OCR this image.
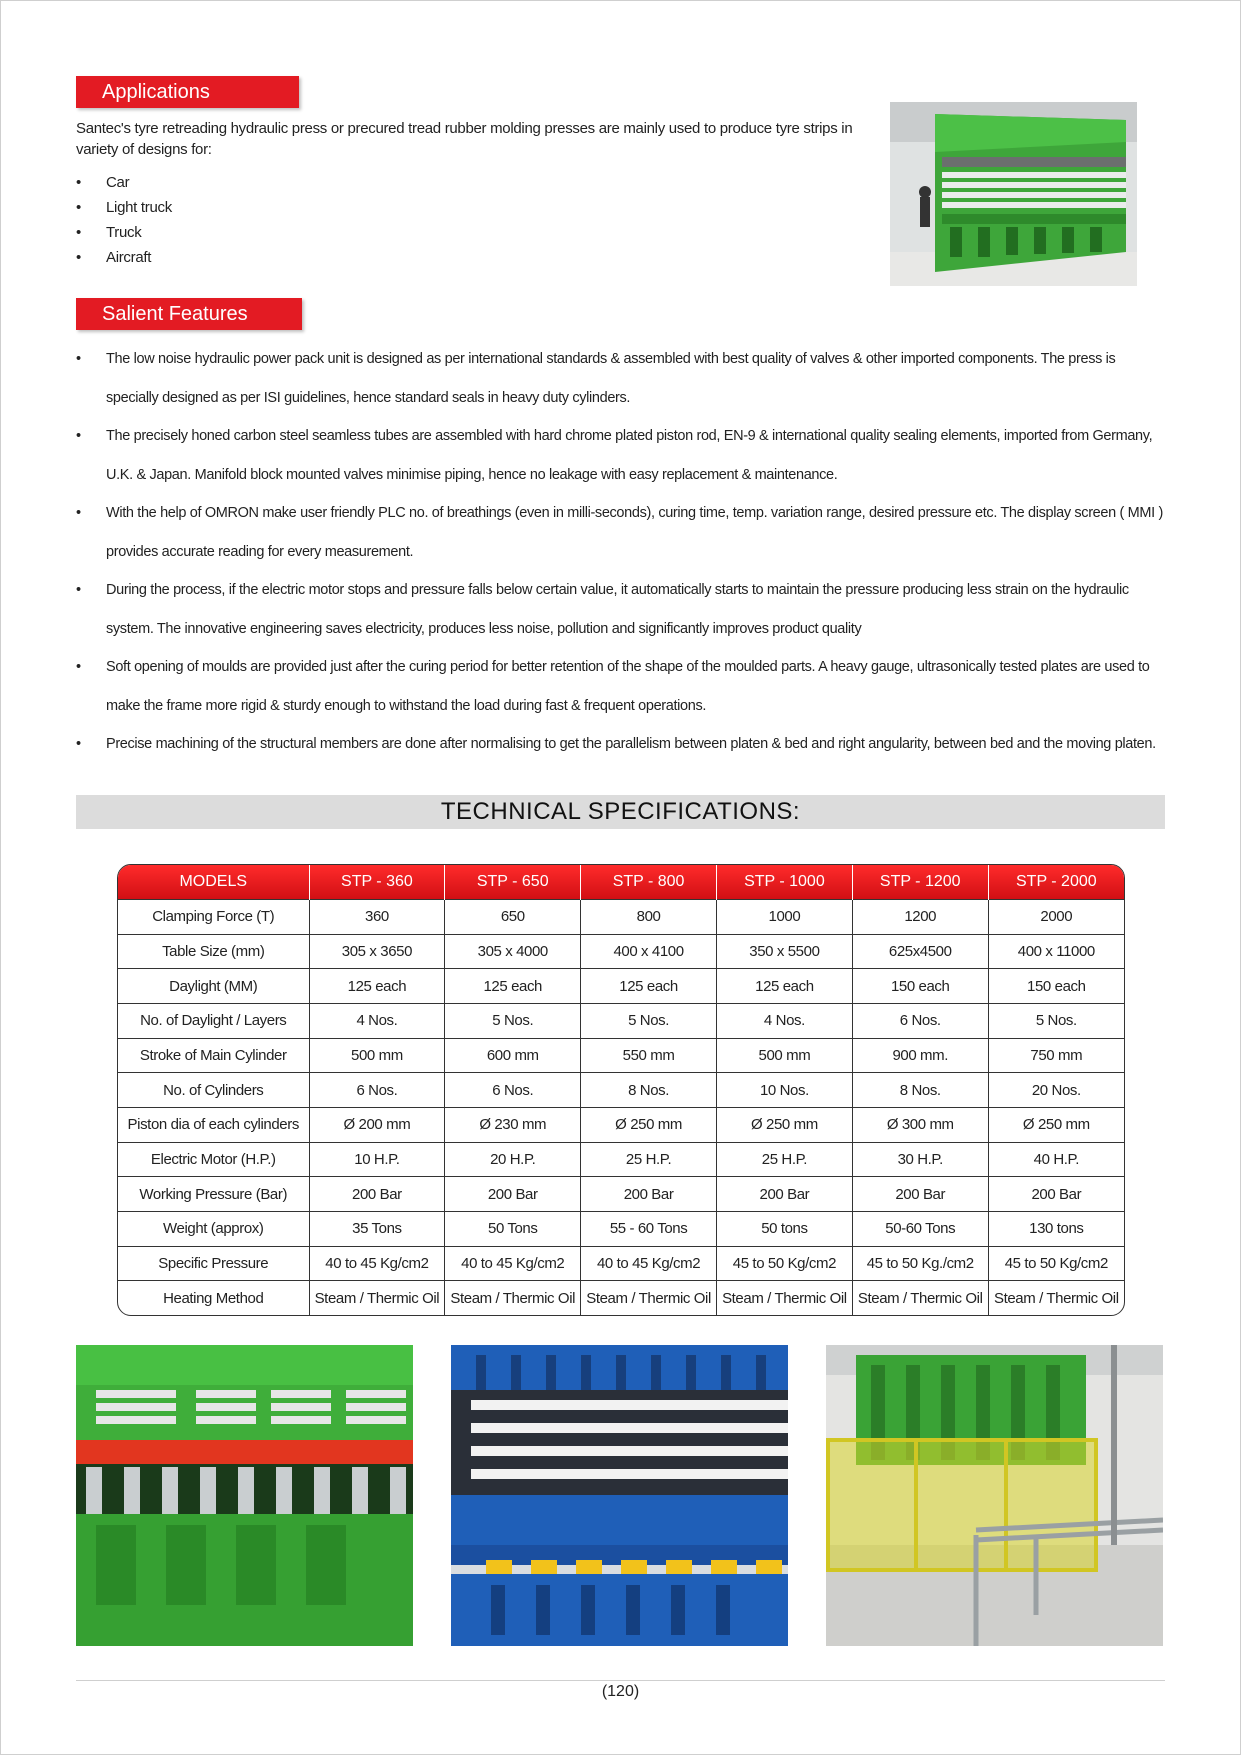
Applications
Santec's tyre retreading hydraulic press or precured tread rubber molding presses are mainly used to produce tyre strips in variety of designs for:
• Car
• Light truck
• Truck
• Aircraft
Salient Features
• The low noise hydraulic power pack unit is designed as per international standards & assembled with best quality of valves & other imported components. The press is specially designed as per ISI guidelines, hence standard seals in heavy duty cylinders.
• The precisely honed carbon steel seamless tubes are assembled with hard chrome plated piston rod, EN-9 & international quality sealing elements, imported from Germany, U.K. & Japan. Manifold block mounted valves minimise piping, hence no leakage with easy replacement & maintenance.
• With the help of OMRON make user friendly PLC no. of breathings (even in milli-seconds), curing time, temp. variation range, desired pressure etc. The display screen ( MMI ) provides accurate reading for every measurement.
• During the process, if the electric motor stops and pressure falls below certain value, it automatically starts to maintain the pressure producing less strain on the hydraulic system. The innovative engineering saves electricity, produces less noise, pollution and significantly improves product quality
• Soft opening of moulds are provided just after the curing period for better retention of the shape of the moulded parts. A heavy gauge, ultrasonically tested plates are used to make the frame more rigid & sturdy enough to withstand the load during fast & frequent operations.
• Precise machining of the structural members are done after normalising to get the parallelism between platen & bed and right angularity, between bed and the moving platen.
TECHNICAL SPECIFICATIONS:
MODELS	STP - 360	STP - 650	STP - 800	STP - 1000	STP - 1200	STP - 2000
Clamping Force (T)	360	650	800	1000	1200	2000
Table Size (mm)	305 x 3650	305 x 4000	400 x 4100	350 x 5500	625x4500	400 x 11000
Daylight (MM)	125 each	125 each	125 each	125 each	150 each	150 each
No. of Daylight / Layers	4 Nos.	5 Nos.	5 Nos.	4 Nos.	6 Nos.	5 Nos.
Stroke of Main Cylinder	500 mm	600 mm	550 mm	500 mm	900 mm.	750 mm
No. of Cylinders	6 Nos.	6 Nos.	8 Nos.	10 Nos.	8 Nos.	20 Nos.
Piston dia of each cylinders	Ø 200 mm	Ø 230 mm	Ø 250 mm	Ø 250 mm	Ø 300 mm	Ø 250 mm
Electric Motor (H.P.)	10 H.P.	20 H.P.	25 H.P.	25 H.P.	30 H.P.	40 H.P.
Working Pressure (Bar)	200 Bar	200 Bar	200 Bar	200 Bar	200 Bar	200 Bar
Weight (approx)	35 Tons	50 Tons	55 - 60 Tons	50 tons	50-60 Tons	130 tons
Specific Pressure	40 to 45 Kg/cm2	40 to 45 Kg/cm2	40 to 45 Kg/cm2	45 to 50 Kg/cm2	45 to 50 Kg./cm2	45 to 50 Kg/cm2
Heating Method	Steam / Thermic Oil	Steam / Thermic Oil	Steam / Thermic Oil	Steam / Thermic Oil	Steam / Thermic Oil	Steam / Thermic Oil
(120)
